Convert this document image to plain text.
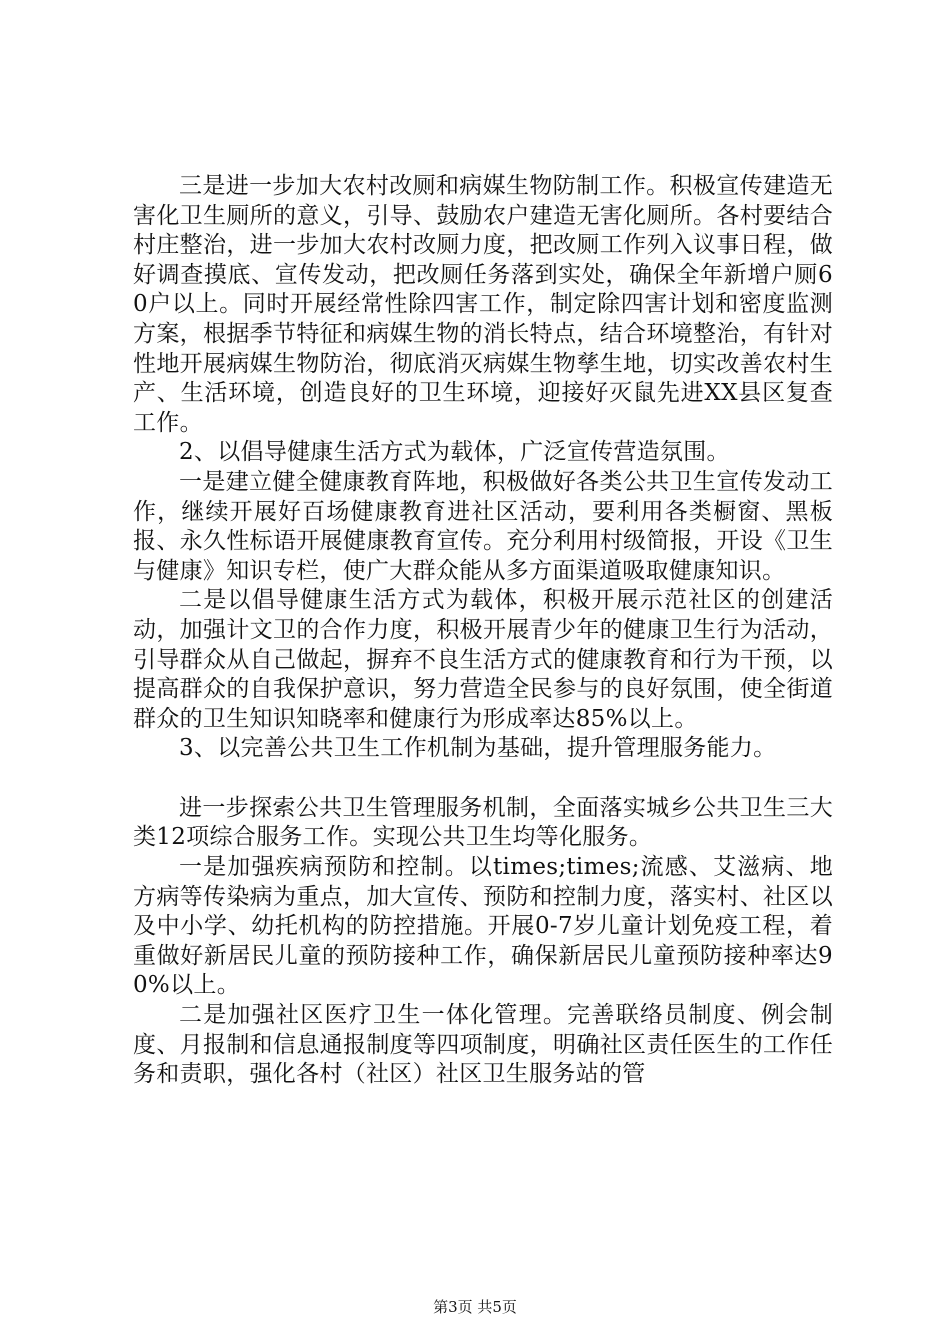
三是进一步加大农村改厕和病媒生物防制工作。积极宣传建造无害化卫生厕所的意义，引导、鼓励农户建造无害化厕所。各村要结合村庄整治，进一步加大农村改厕力度，把改厕工作列入议事日程，做好调查摸底、宣传发动，把改厕任务落到实处，确保全年新增户厕60户以上。同时开展经常性除四害工作，制定除四害计划和密度监测方案，根据季节特征和病媒生物的消长特点，结合环境整治，有针对性地开展病媒生物防治，彻底消灭病媒生物孳生地，切实改善农村生产、生活环境，创造良好的卫生环境，迎接好灭鼠先进XX县区复查工作。

2、以倡导健康生活方式为载体，广泛宣传营造氛围。

一是建立健全健康教育阵地，积极做好各类公共卫生宣传发动工作，继续开展好百场健康教育进社区活动，要利用各类橱窗、黑板报、永久性标语开展健康教育宣传。充分利用村级简报，开设《卫生与健康》知识专栏，使广大群众能从多方面渠道吸取健康知识。

二是以倡导健康生活方式为载体，积极开展示范社区的创建活动，加强计文卫的合作力度，积极开展青少年的健康卫生行为活动，引导群众从自己做起，摒弃不良生活方式的健康教育和行为干预，以提高群众的自我保护意识，努力营造全民参与的良好氛围，使全街道群众的卫生知识知晓率和健康行为形成率达85%以上。

3、以完善公共卫生工作机制为基础，提升管理服务能力。

进一步探索公共卫生管理服务机制，全面落实城乡公共卫生三大类12项综合服务工作。实现公共卫生均等化服务。

一是加强疾病预防和控制。以times;times;流感、艾滋病、地方病等传染病为重点，加大宣传、预防和控制力度，落实村、社区以及中小学、幼托机构的防控措施。开展0-7岁儿童计划免疫工程，着重做好新居民儿童的预防接种工作，确保新居民儿童预防接种率达90%以上。

二是加强社区医疗卫生一体化管理。完善联络员制度、例会制度、月报制和信息通报制度等四项制度，明确社区责任医生的工作任务和责职，强化各村（社区）社区卫生服务站的管

第3页 共5页
